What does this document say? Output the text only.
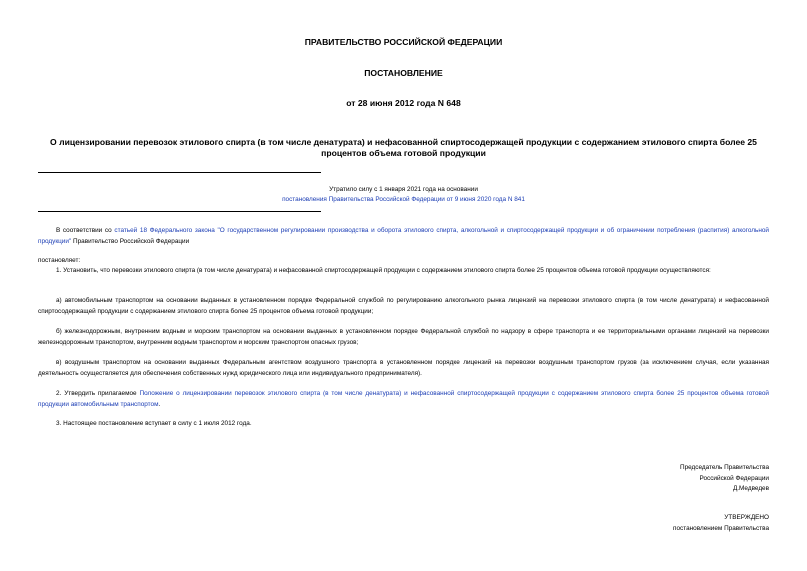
ПРАВИТЕЛЬСТВО РОССИЙСКОЙ ФЕДЕРАЦИИ
ПОСТАНОВЛЕНИЕ
от 28 июня 2012 года N 648
О лицензировании перевозок этилового спирта (в том числе денатурата) и нефасованной спиртосодержащей продукции с содержанием этилового спирта более 25 процентов объема готовой продукции
Утратило силу с 1 января 2021 года на основании
постановления Правительства Российской Федерации от 9 июня 2020 года N 841
В соответствии со статьей 18 Федерального закона "О государственном регулировании производства и оборота этилового спирта, алкогольной и спиртосодержащей продукции и об ограничении потребления (распития) алкогольной продукции" Правительство Российской Федерации
постановляет:
1. Установить, что перевозки этилового спирта (в том числе денатурата) и нефасованной спиртосодержащей продукции с содержанием этилового спирта более 25 процентов объема готовой продукции осуществляются:
а) автомобильным транспортом на основании выданных в установленном порядке Федеральной службой по регулированию алкогольного рынка лицензий на перевозки этилового спирта (в том числе денатурата) и нефасованной спиртосодержащей продукции с содержанием этилового спирта более 25 процентов объема готовой продукции;
б) железнодорожным, внутренним водным и морским транспортом на основании выданных в установленном порядке Федеральной службой по надзору в сфере транспорта и ее территориальными органами лицензий на перевозки железнодорожным транспортом, внутренним водным транспортом и морским транспортом опасных грузов;
в) воздушным транспортом на основании выданных Федеральным агентством воздушного транспорта в установленном порядке лицензий на перевозки воздушным транспортом грузов (за исключением случая, если указанная деятельность осуществляется для обеспечения собственных нужд юридического лица или индивидуального предпринимателя).
2. Утвердить прилагаемое Положение о лицензировании перевозок этилового спирта (в том числе денатурата) и нефасованной спиртосодержащей продукции с содержанием этилового спирта более 25 процентов объема готовой продукции автомобильным транспортом.
3. Настоящее постановление вступает в силу с 1 июля 2012 года.
Председатель Правительства
Российской Федерации
Д.Медведев
УТВЕРЖДЕНО
постановлением Правительства
